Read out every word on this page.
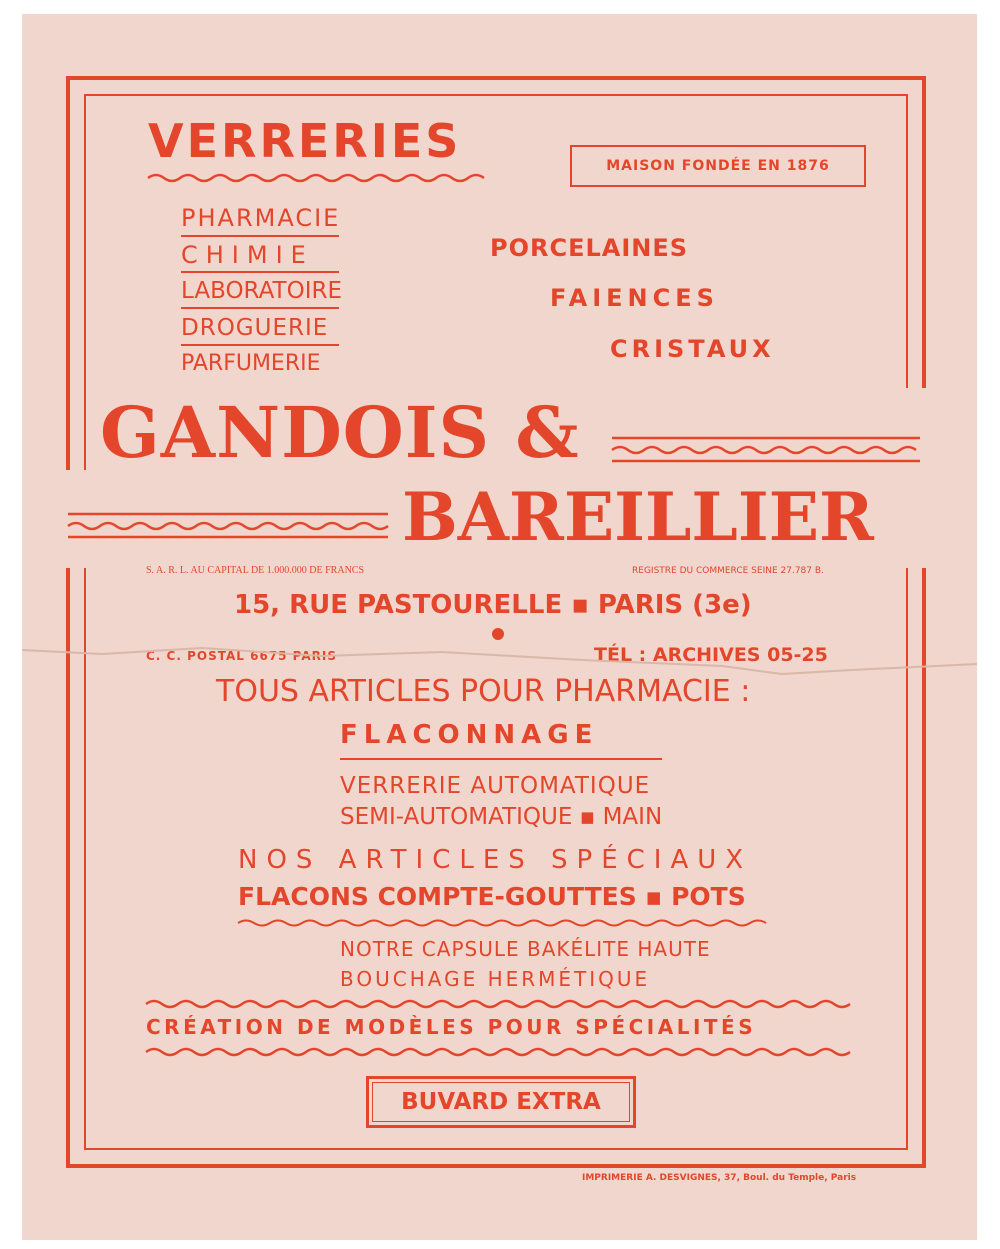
VERRERIES	MAISON FONDÉE EN 1876
PHARMACIE
CHIMIE
LABORATOIRE
DROGUERIE
PARFUMERIE
PORCELAINES
FAIENCES
CRISTAUX
GANDOIS &
BAREILLIER
S. A. R. L. AU CAPITAL DE 1.000.000 DE FRANCS	REGISTRE DU COMMERCE SEINE 27.787 B.
15, RUE PASTOURELLE ▪ PARIS (3e)
C. C. POSTAL 6675 PARIS	TÉL : ARCHIVES 05-25
TOUS ARTICLES POUR PHARMACIE :
FLACONNAGE
VERRERIE AUTOMATIQUE
SEMI-AUTOMATIQUE ▪ MAIN
NOS ARTICLES SPÉCIAUX
FLACONS COMPTE-GOUTTES ▪ POTS
NOTRE CAPSULE BAKÉLITE HAUTE
BOUCHAGE HERMÉTIQUE
CRÉATION DE MODÈLES POUR SPÉCIALITÉS
BUVARD EXTRA
IMPRIMERIE A. DESVIGNES, 37, Boul. du Temple, Paris
